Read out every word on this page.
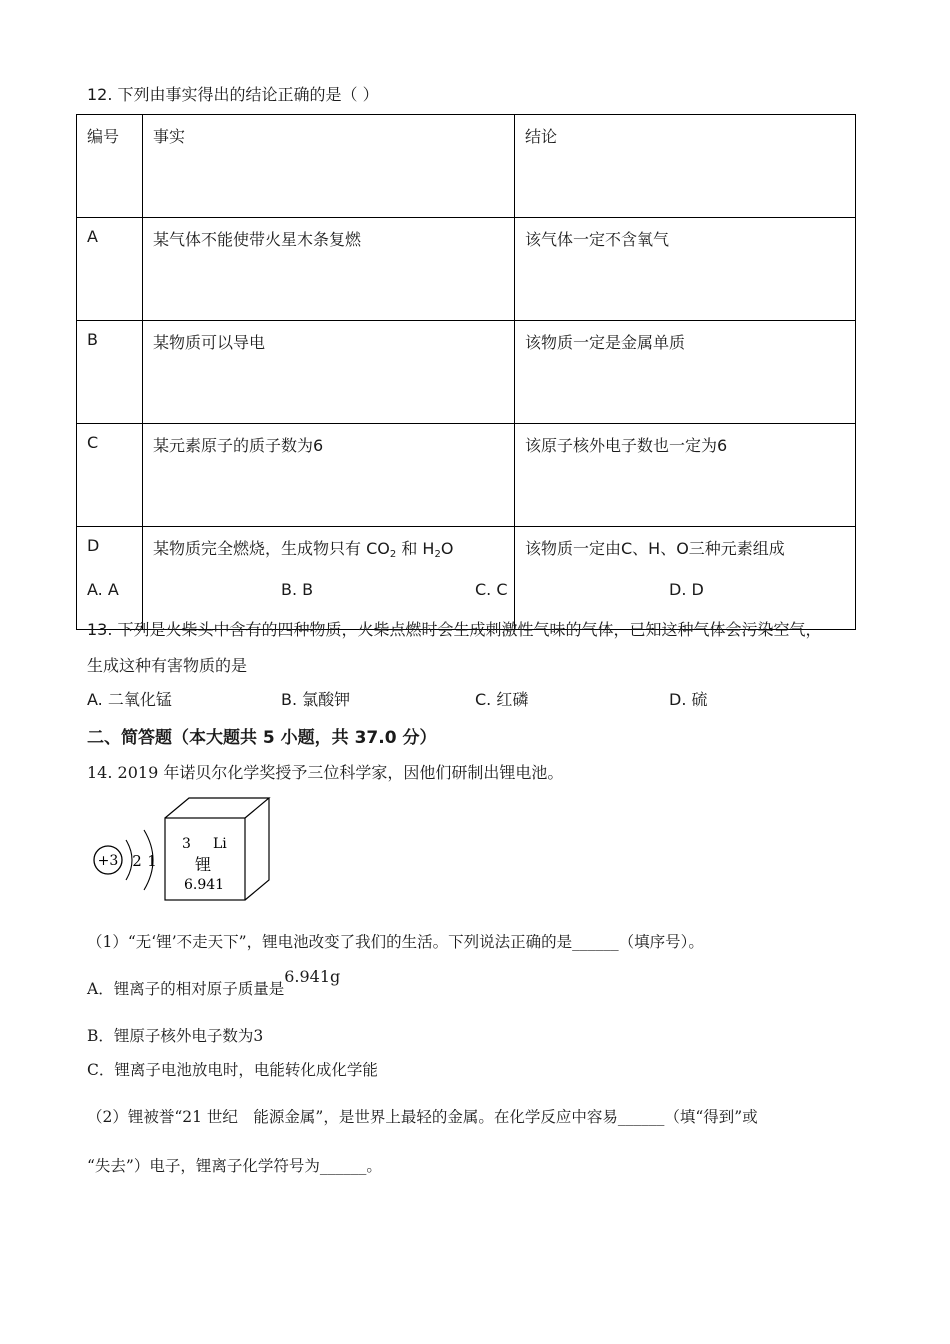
12. 下列由事实得出的结论正确的是（ ）
编号	事实	结论
A	某气体不能使带火星木条复燃	该气体一定不含氧气
B	某物质可以导电	该物质一定是金属单质
C	某元素原子的质子数为6	该原子核外电子数也一定为6
D	某物质完全燃烧，生成物只有 $CO_2$ 和 $H_2O$	该物质一定由C、H、O三种元素组成
A. A	B. B	C. C	D. D
13. 下列是火柴头中含有的四种物质，火柴点燃时会生成刺激性气味的气体，已知这种气体会污染空气，
生成这种有害物质的是
A. 二氧化锰	B. 氯酸钾	C. 红磷	D. 硫
二、简答题（本大题共 5 小题，共 37.0 分）
14. 2019 年诺贝尔化学奖授予三位科学家，因他们研制出锂电池。
+3 2 1
3 Li
锂
6.941
（1）“无‘锂’不走天下”，锂电池改变了我们的生活。下列说法正确的是______（填序号）。
A．锂离子的相对原子质量是6.941g
B．锂原子核外电子数为3
C．锂离子电池放电时，电能转化成化学能
（2）锂被誉“21 世纪　能源金属”，是世界上最轻的金属。在化学反应中容易______（填“得到”或
“失去”）电子，锂离子化学符号为______。
